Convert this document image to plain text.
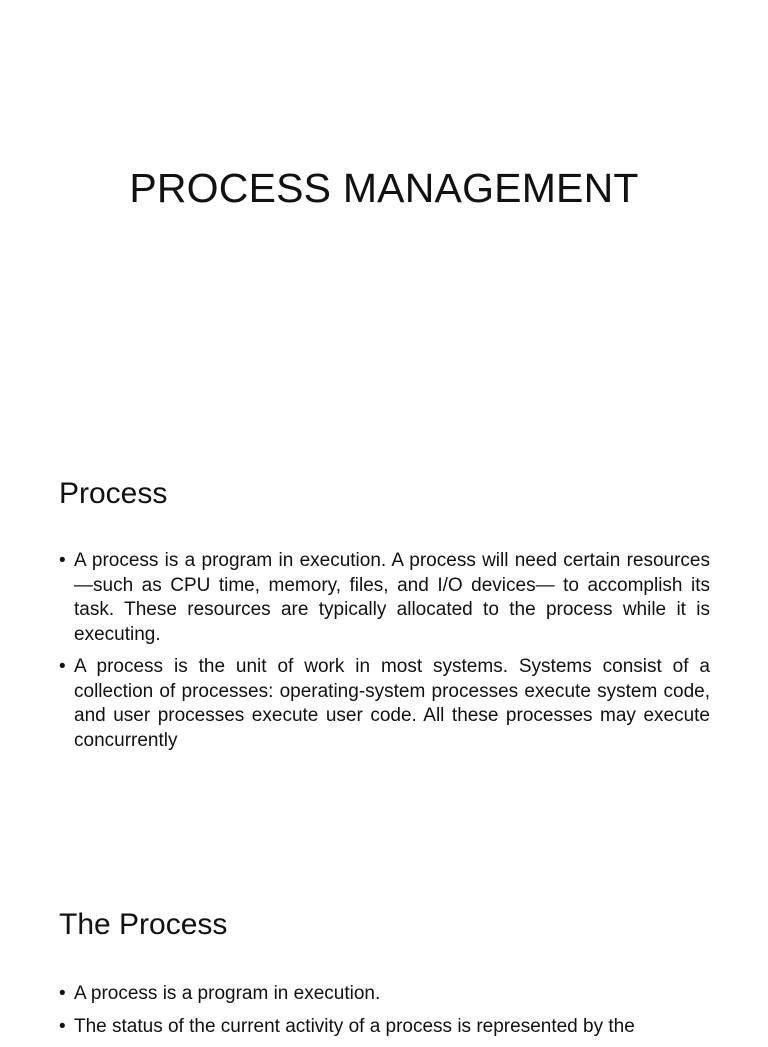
PROCESS MANAGEMENT
Process
• A process is a program in execution. A process will need certain resources—such as CPU time, memory, files, and I/O devices— to accomplish its task. These resources are typically allocated to the process while it is executing.
• A process is the unit of work in most systems. Systems consist of a collection of processes: operating-system processes execute system code, and user processes execute user code. All these processes may execute concurrently
The Process
• A process is a program in execution.
• The status of the current activity of a process is represented by the
